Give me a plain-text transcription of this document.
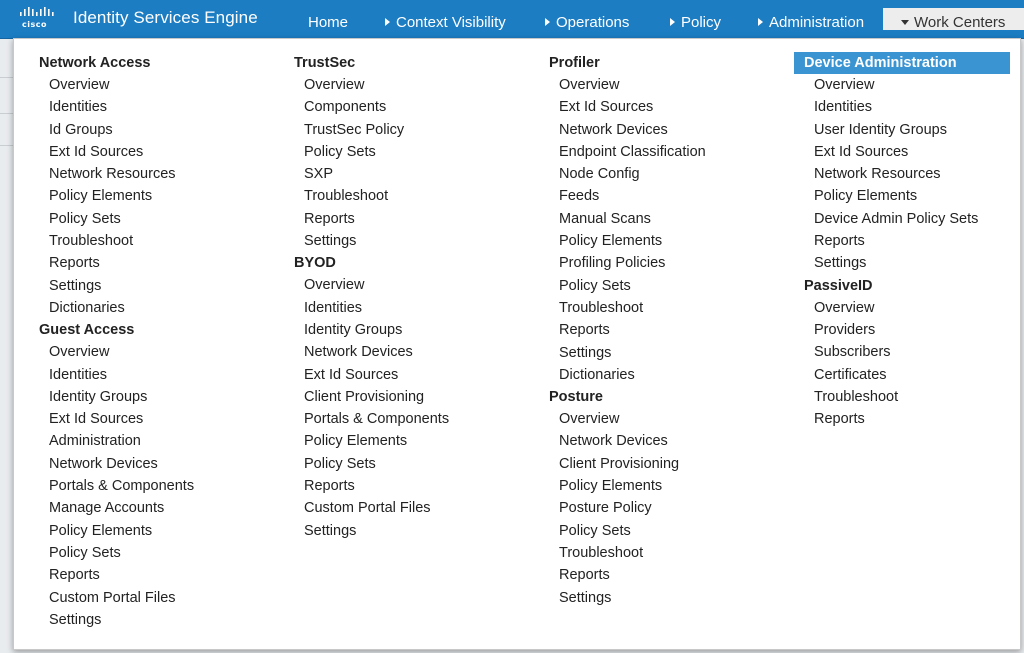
cisco Identity Services Engine	Home	Context Visibility	Operations	Policy	Administration	Work Centers
Network Access
Overview
Identities
Id Groups
Ext Id Sources
Network Resources
Policy Elements
Policy Sets
Troubleshoot
Reports
Settings
Dictionaries
Guest Access
Overview
Identities
Identity Groups
Ext Id Sources
Administration
Network Devices
Portals & Components
Manage Accounts
Policy Elements
Policy Sets
Reports
Custom Portal Files
Settings
TrustSec
Overview
Components
TrustSec Policy
Policy Sets
SXP
Troubleshoot
Reports
Settings
BYOD
Overview
Identities
Identity Groups
Network Devices
Ext Id Sources
Client Provisioning
Portals & Components
Policy Elements
Policy Sets
Reports
Custom Portal Files
Settings
Profiler
Overview
Ext Id Sources
Network Devices
Endpoint Classification
Node Config
Feeds
Manual Scans
Policy Elements
Profiling Policies
Policy Sets
Troubleshoot
Reports
Settings
Dictionaries
Posture
Overview
Network Devices
Client Provisioning
Policy Elements
Posture Policy
Policy Sets
Troubleshoot
Reports
Settings
Device Administration
Overview
Identities
User Identity Groups
Ext Id Sources
Network Resources
Policy Elements
Device Admin Policy Sets
Reports
Settings
PassiveID
Overview
Providers
Subscribers
Certificates
Troubleshoot
Reports
